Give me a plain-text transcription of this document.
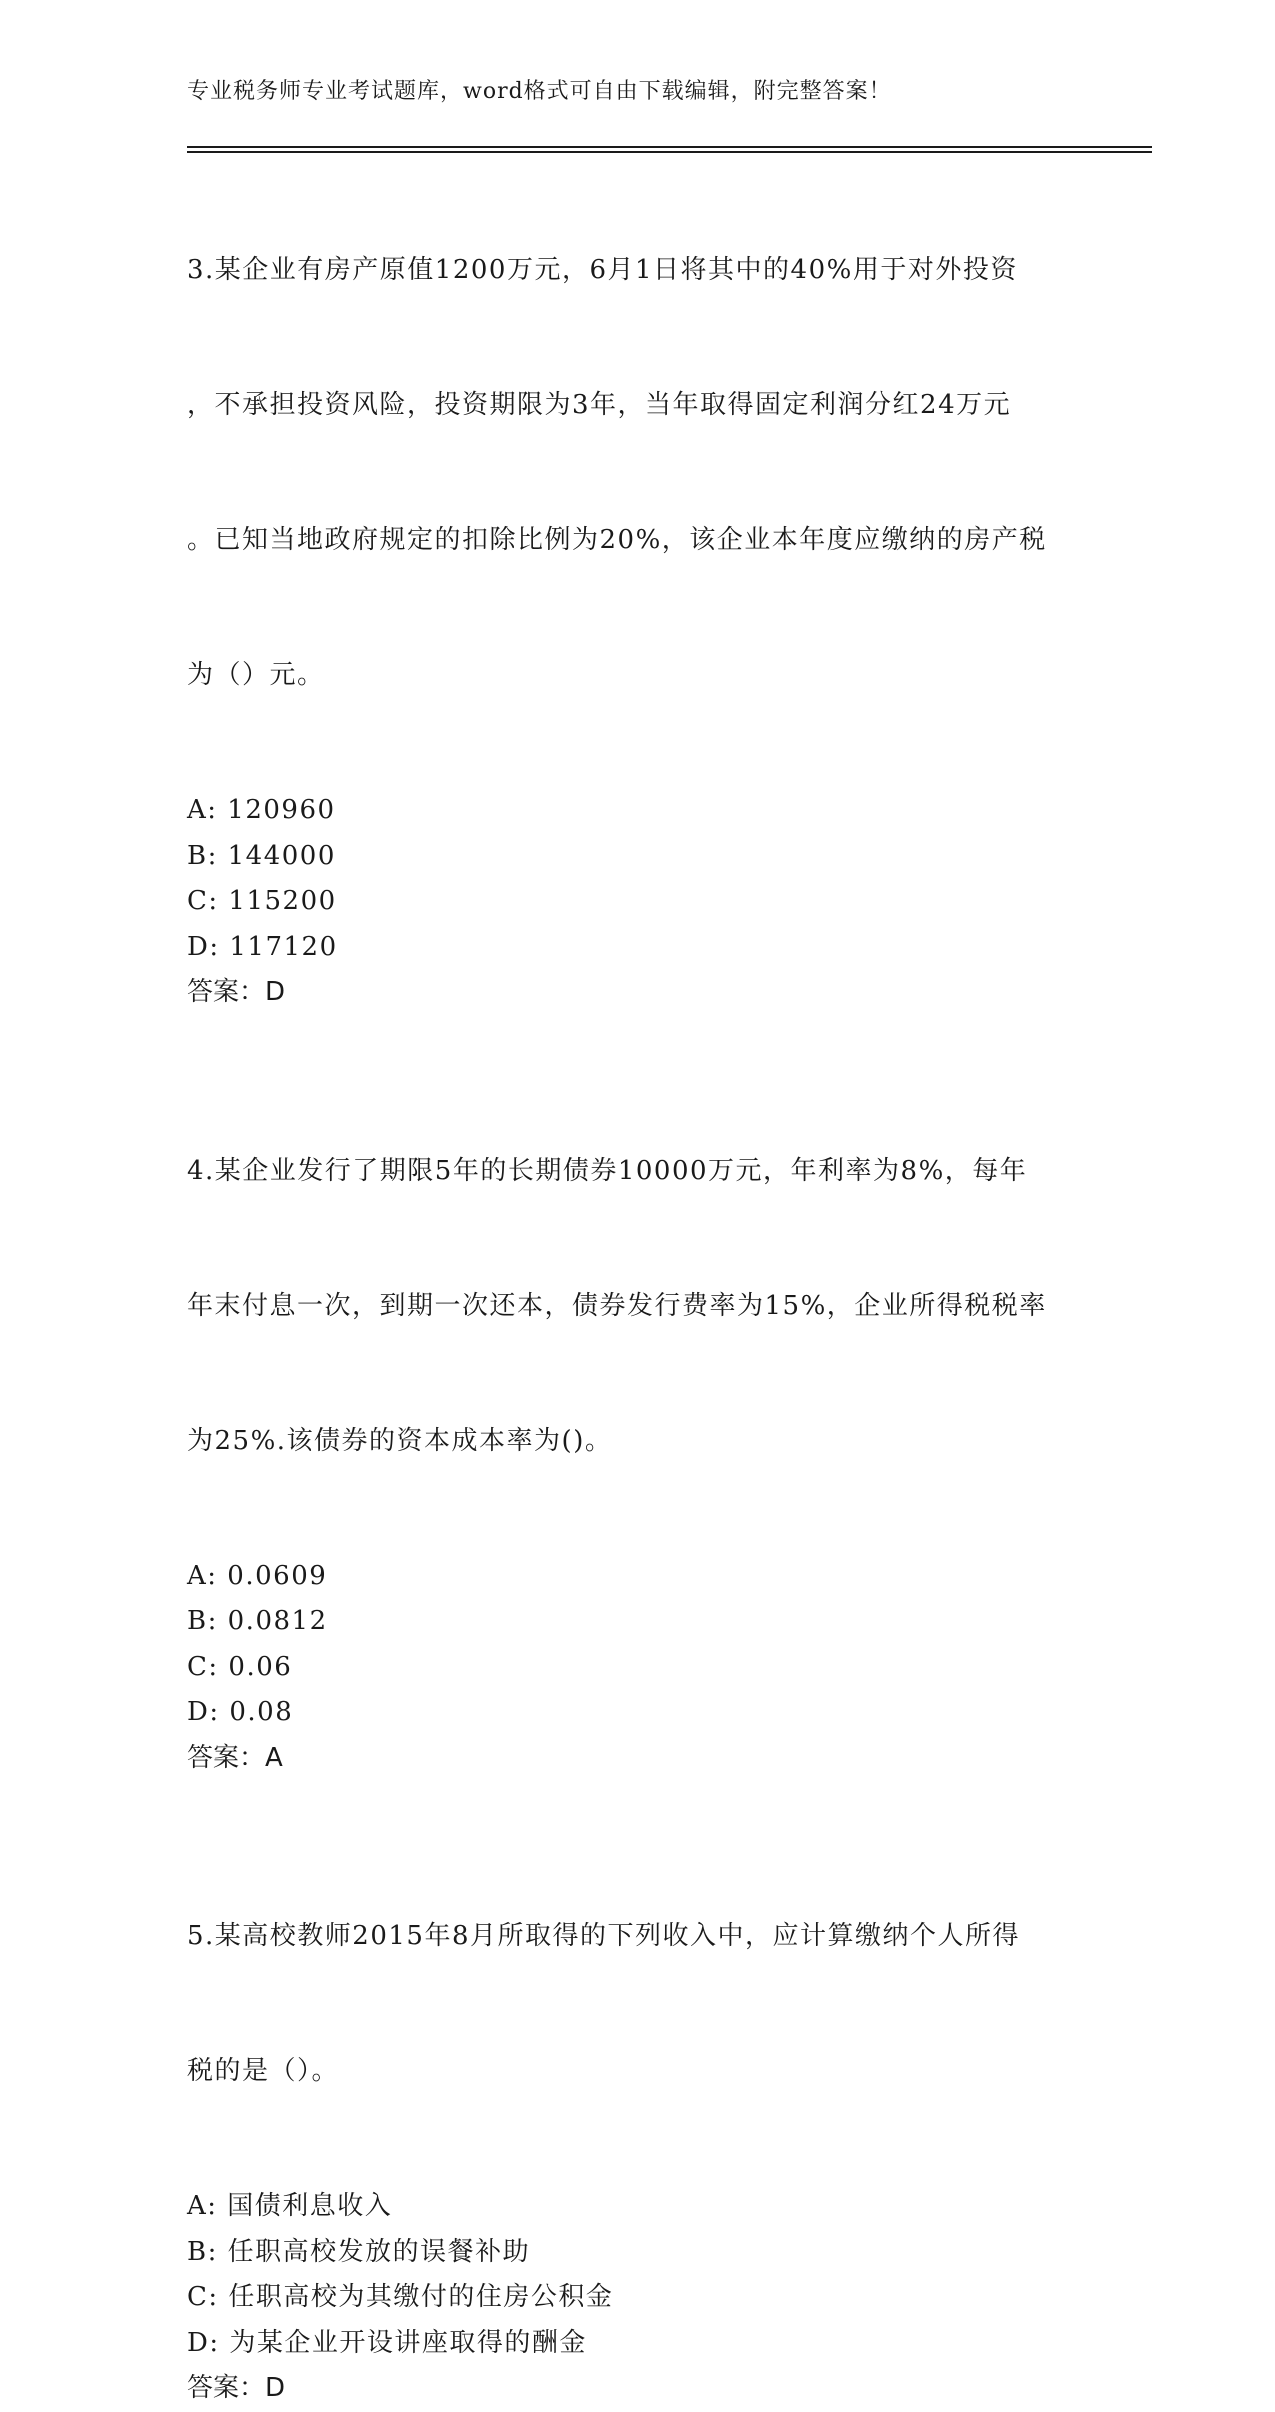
专业税务师专业考试题库，word格式可自由下载编辑，附完整答案！

3.某企业有房产原值1200万元，6月1日将其中的40%用于对外投资

，不承担投资风险，投资期限为3年，当年取得固定利润分红24万元

。已知当地政府规定的扣除比例为20%，该企业本年度应缴纳的房产税

为（）元。

A: 120960
B: 144000
C: 115200
D: 117120
答案：D

4.某企业发行了期限5年的长期债券10000万元，年利率为8%，每年

年末付息一次，到期一次还本，债券发行费率为15%，企业所得税税率

为25%.该债券的资本成本率为()。

A: 0.0609
B: 0.0812
C: 0.06
D: 0.08
答案：A

5.某高校教师2015年8月所取得的下列收入中，应计算缴纳个人所得

税的是（）。

A: 国债利息收入
B: 任职高校发放的误餐补助
C: 任职高校为其缴付的住房公积金
D: 为某企业开设讲座取得的酬金
答案：D
